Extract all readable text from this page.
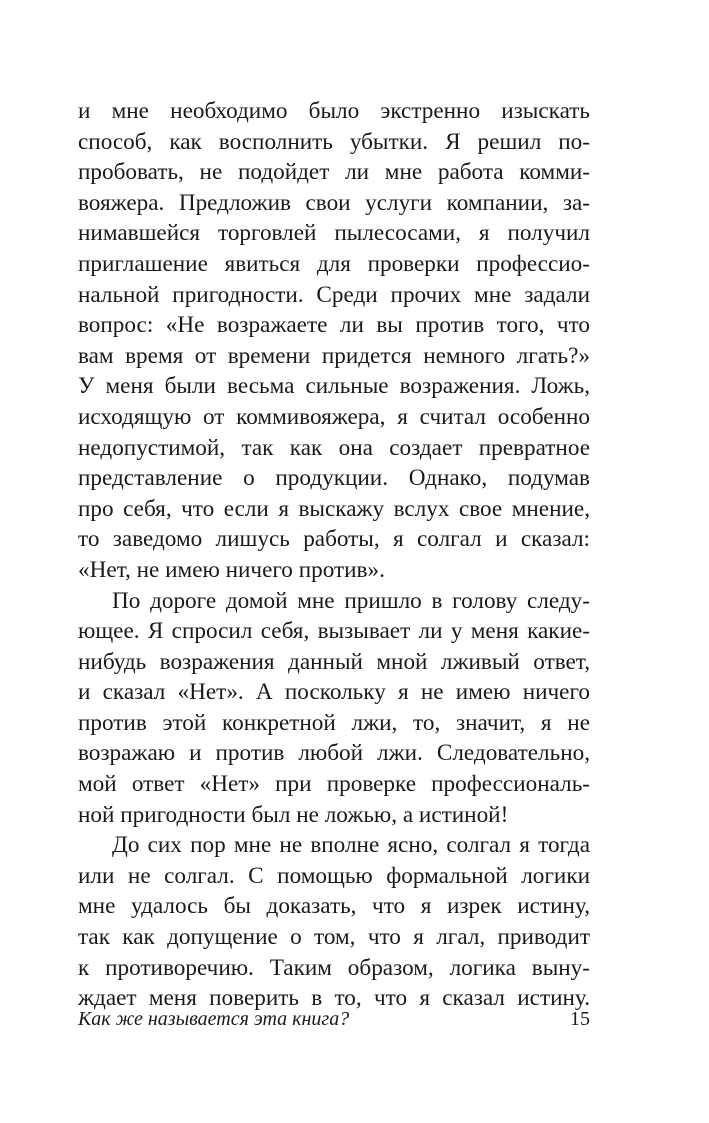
и мне необходимо было экстренно изыскать
способ, как восполнить убытки. Я решил по-
пробовать, не подойдет ли мне работа комми-
вояжера. Предложив свои услуги компании, за-
нимавшейся торговлей пылесосами, я получил
приглашение явиться для проверки профессио-
нальной пригодности. Среди прочих мне задали
вопрос: «Не возражаете ли вы против того, что
вам время от времени придется немного лгать?»
У меня были весьма сильные возражения. Ложь,
исходящую от коммивояжера, я считал особенно
недопустимой, так как она создает превратное
представление о продукции. Однако, подумав
про себя, что если я выскажу вслух свое мнение,
то заведомо лишусь работы, я солгал и сказал:
«Нет, не имею ничего против».
По дороге домой мне пришло в голову следу-
ющее. Я спросил себя, вызывает ли у меня какие-
нибудь возражения данный мной лживый ответ,
и сказал «Нет». А поскольку я не имею ничего
против этой конкретной лжи, то, значит, я не
возражаю и против любой лжи. Следовательно,
мой ответ «Нет» при проверке профессиональ-
ной пригодности был не ложью, а истиной!
До сих пор мне не вполне ясно, солгал я тогда
или не солгал. С помощью формальной логики
мне удалось бы доказать, что я изрек истину,
так как допущение о том, что я лгал, приводит
к противоречию. Таким образом, логика выну-
ждает меня поверить в то, что я сказал истину.
Как же называется эта книга?	15
